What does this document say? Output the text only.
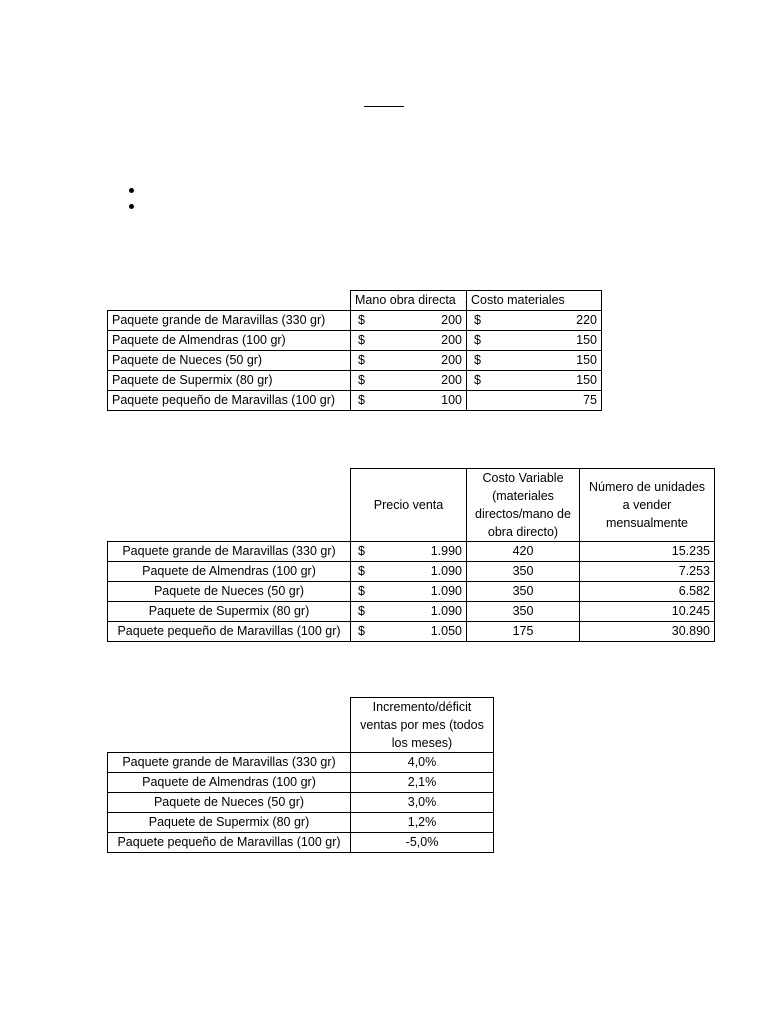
	Mano obra directa	Costo materiales
Paquete grande de Maravillas (330 gr)	$ 200	$ 220

Paquete de Almendras (100 gr)	$ 200	$ 150

Paquete de Nueces (50 gr)	$ 200	$ 150

Paquete de Supermix (80 gr)	$ 200	$ 150

Paquete pequeño de Maravillas (100 gr)	$ 100	75
	Precio venta	Costo Variable (materiales directos/mano de obra directo)	Número de unidades a vender mensualmente
Paquete grande de Maravillas (330 gr)	$ 1.990	420	15.235
Paquete de Almendras (100 gr)	$ 1.090	350	7.253
Paquete de Nueces (50 gr)	$ 1.090	350	6.582
Paquete de Supermix (80 gr)	$ 1.090	350	10.245
Paquete pequeño de Maravillas (100 gr)	$ 1.050	175	30.890
	Incremento/déficit ventas por mes (todos los meses)
Paquete grande de Maravillas (330 gr)	4,0%
Paquete de Almendras (100 gr)	2,1%
Paquete de Nueces (50 gr)	3,0%
Paquete de Supermix (80 gr)	1,2%
Paquete pequeño de Maravillas (100 gr)	-5,0%
